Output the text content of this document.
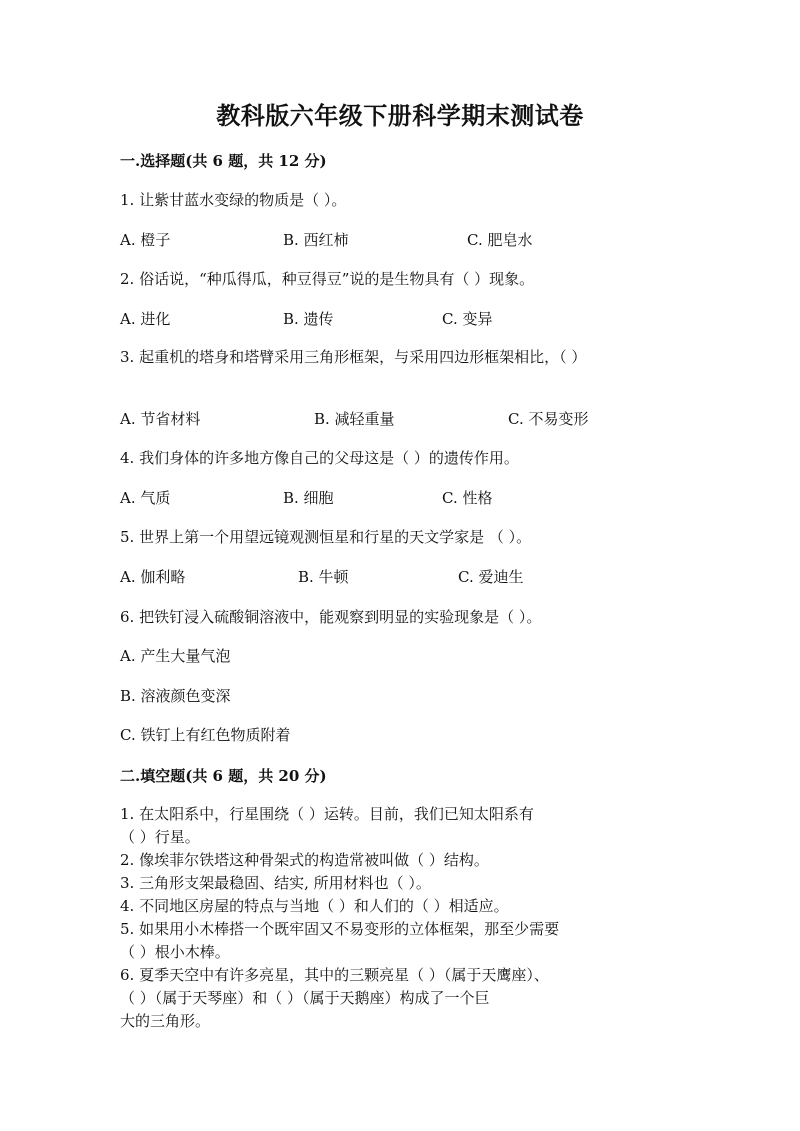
教科版六年级下册科学期末测试卷
一.选择题(共 6 题，共 12 分)
1. 让紫甘蓝水变绿的物质是（ ）。
A. 橙子	B. 西红柿	C. 肥皂水
2. 俗话说，“种瓜得瓜，种豆得豆”说的是生物具有（ ）现象。
A. 进化	B. 遗传	C. 变异
3. 起重机的塔身和塔臂采用三角形框架，与采用四边形框架相比，（ ）
A. 节省材料	B. 减轻重量	C. 不易变形
4. 我们身体的许多地方像自己的父母这是（ ）的遗传作用。
A. 气质	B. 细胞	C. 性格
5. 世界上第一个用望远镜观测恒星和行星的天文学家是 （ ）。
A. 伽利略	B. 牛顿	C. 爱迪生
6. 把铁钉浸入硫酸铜溶液中，能观察到明显的实验现象是（ ）。
A. 产生大量气泡
B. 溶液颜色变深
C. 铁钉上有红色物质附着
二.填空题(共 6 题，共 20 分)
1. 在太阳系中，行星围绕（ ）运转。目前，我们已知太阳系有
（ ）行星。
2. 像埃菲尔铁塔这种骨架式的构造常被叫做（ ）结构。
3. 三角形支架最稳固、结实, 所用材料也（ ）。
4. 不同地区房屋的特点与当地（ ）和人们的（ ）相适应。
5. 如果用小木棒搭一个既牢固又不易变形的立体框架，那至少需要
（ ）根小木棒。
6. 夏季天空中有许多亮星，其中的三颗亮星（ ）（属于天鹰座）、
（ ）（属于天琴座）和（ ）（属于天鹅座）构成了一个巨
大的三角形。
